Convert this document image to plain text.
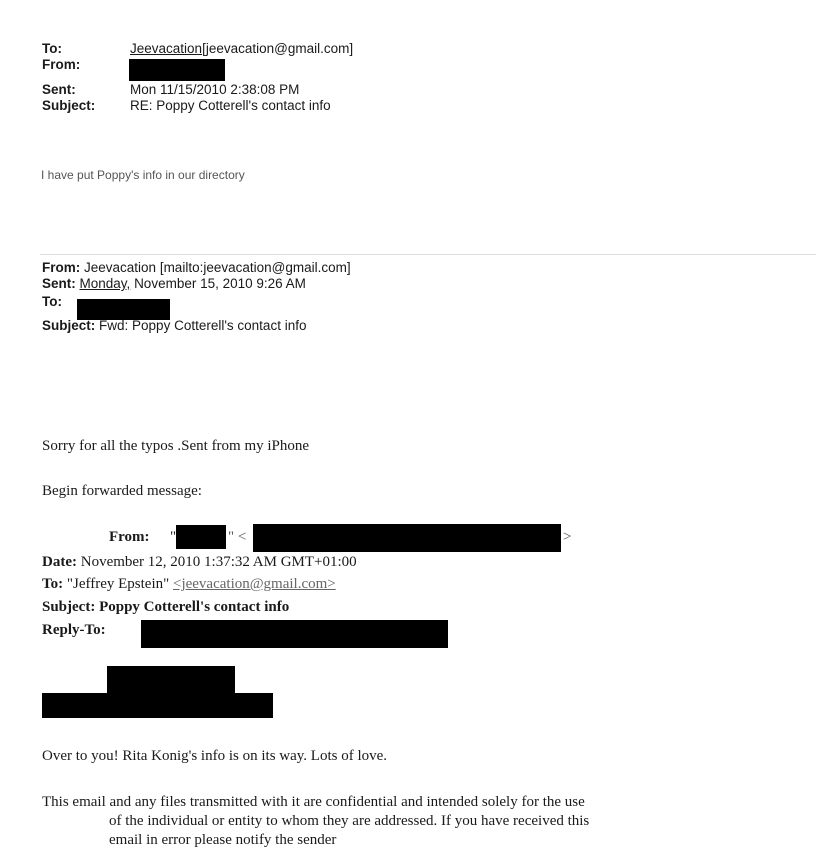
To:	Jeevacation[jeevacation@gmail.com]
From:
Sent:	Mon 11/15/2010 2:38:08 PM
Subject:	RE: Poppy Cotterell's contact info
I have put Poppy's info in our directory
From: Jeevacation [mailto:jeevacation@gmail.com]
Sent: Monday, November 15, 2010 9:26 AM
To:
Subject: Fwd: Poppy Cotterell's contact info
Sorry for all the typos .Sent from my iPhone
Begin forwarded message:
From: "	" <	>
Date: November 12, 2010 1:37:32 AM GMT+01:00
To: "Jeffrey Epstein" <jeevacation@gmail.com>
Subject: Poppy Cotterell's contact info
Reply-To:
Over to you! Rita Konig's info is on its way. Lots of love.
This email and any files transmitted with it are confidential and intended solely for the use
of the individual or entity to whom they are addressed. If you have received this
email in error please notify the sender
